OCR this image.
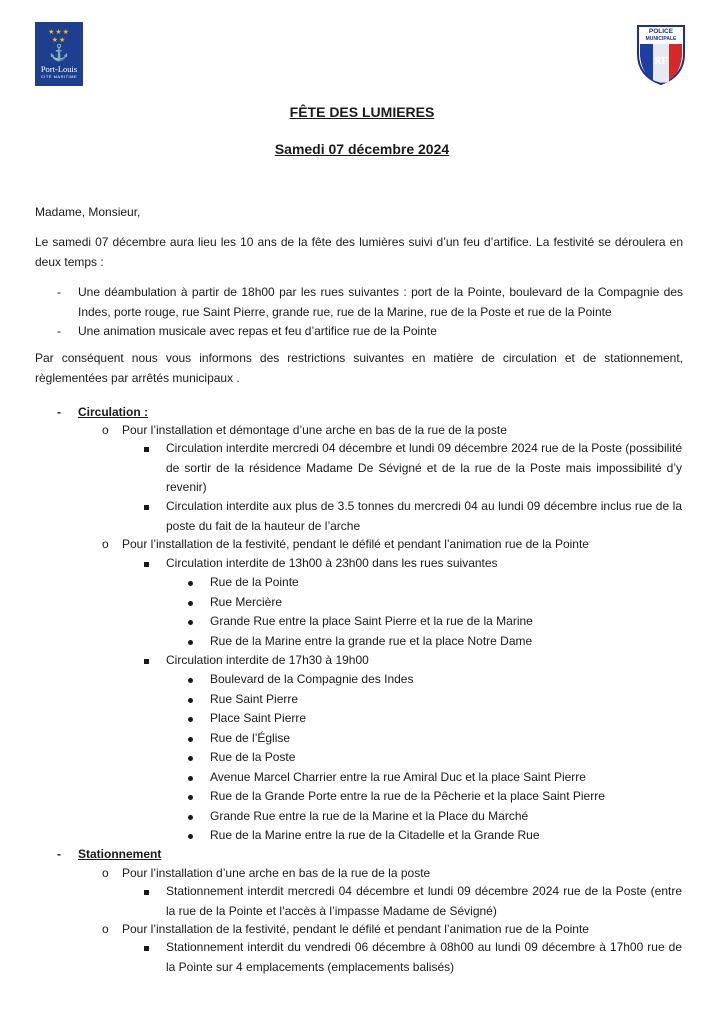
★★★
★★
⚓
Port-Louis
CITÉ MARITIME
POLICE
MUNICIPALE
RF
FÊTE DES LUMIERES
Samedi 07 décembre 2024
Madame, Monsieur,
Le samedi 07 décembre aura lieu les 10 ans de la fête des lumières suivi d’un feu d’artifice. La festivité se déroulera en deux temps :
- Une déambulation à partir de 18h00 par les rues suivantes : port de la Pointe, boulevard de la Compagnie des Indes, porte rouge, rue Saint Pierre, grande rue, rue de la Marine, rue de la Poste et rue de la Pointe
- Une animation musicale avec repas et feu d’artifice rue de la Pointe
Par conséquent nous vous informons des restrictions suivantes en matière de circulation et de stationnement, règlementées par arrêtés municipaux .
- Circulation :
o Pour l’installation et démontage d’une arche en bas de la rue de la poste
Circulation interdite mercredi 04 décembre et lundi 09 décembre 2024 rue de la Poste (possibilité de sortir de la résidence Madame De Sévigné et de la rue de la Poste mais impossibilité d’y revenir)
Circulation interdite aux plus de 3.5 tonnes du mercredi 04 au lundi 09 décembre inclus rue de la poste du fait de la hauteur de l’arche
o Pour l’installation de la festivité, pendant le défilé et pendant l’animation rue de la Pointe
Circulation interdite de 13h00 à 23h00 dans les rues suivantes
Rue de la Pointe
Rue Mercière
Grande Rue entre la place Saint Pierre et la rue de la Marine
Rue de la Marine entre la grande rue et la place Notre Dame
Circulation interdite de 17h30 à 19h00
Boulevard de la Compagnie des Indes
Rue Saint Pierre
Place Saint Pierre
Rue de l’Église
Rue de la Poste
Avenue Marcel Charrier entre la rue Amiral Duc et la place Saint Pierre
Rue de la Grande Porte entre la rue de la Pêcherie et la place Saint Pierre
Grande Rue entre la rue de la Marine et la Place du Marché
Rue de la Marine entre la rue de la Citadelle et la Grande Rue
- Stationnement
o Pour l’installation d’une arche en bas de la rue de la poste
Stationnement interdit mercredi 04 décembre et lundi 09 décembre 2024 rue de la Poste (entre la rue de la Pointe et l’accès à l’impasse Madame de Sévigné)
o Pour l’installation de la festivité, pendant le défilé et pendant l’animation rue de la Pointe
Stationnement interdit du vendredi 06 décembre à 08h00 au lundi 09 décembre à 17h00 rue de la Pointe sur 4 emplacements (emplacements balisés)
